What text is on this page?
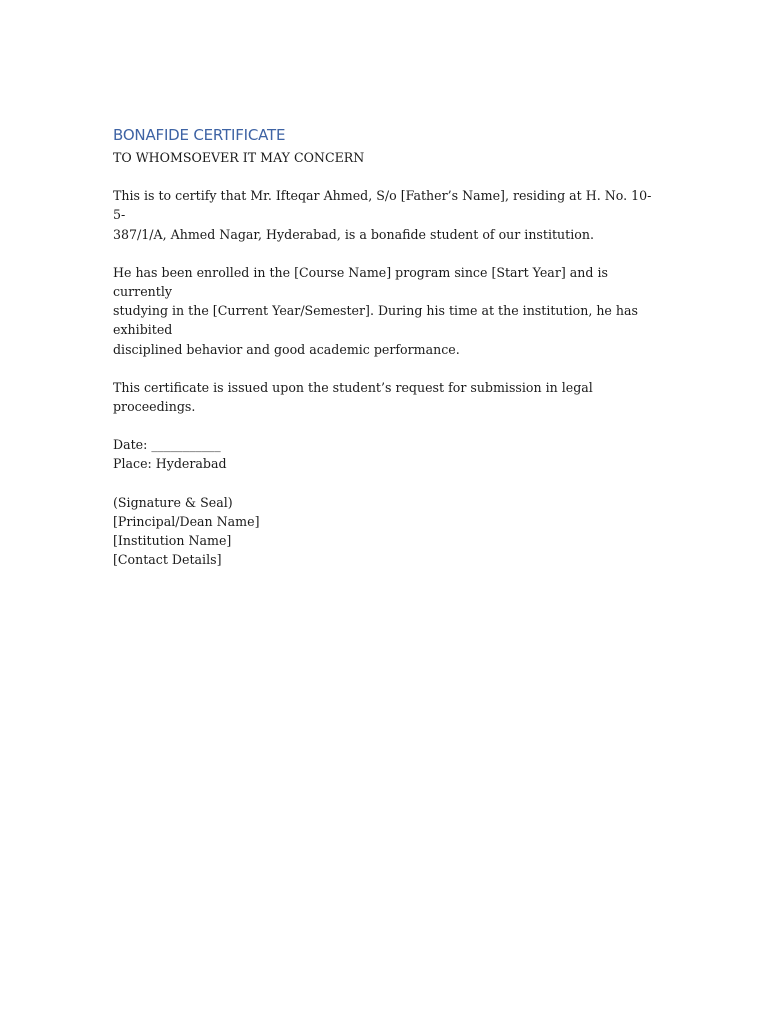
BONAFIDE CERTIFICATE
TO WHOMSOEVER IT MAY CONCERN

This is to certify that Mr. Ifteqar Ahmed, S/o [Father’s Name], residing at H. No. 10-5-
387/1/A, Ahmed Nagar, Hyderabad, is a bonafide student of our institution.

He has been enrolled in the [Course Name] program since [Start Year] and is currently
studying in the [Current Year/Semester]. During his time at the institution, he has exhibited
disciplined behavior and good academic performance.

This certificate is issued upon the student’s request for submission in legal proceedings.

Date: ___________
Place: Hyderabad
(Signature & Seal)
[Principal/Dean Name]
[Institution Name]
[Contact Details]
